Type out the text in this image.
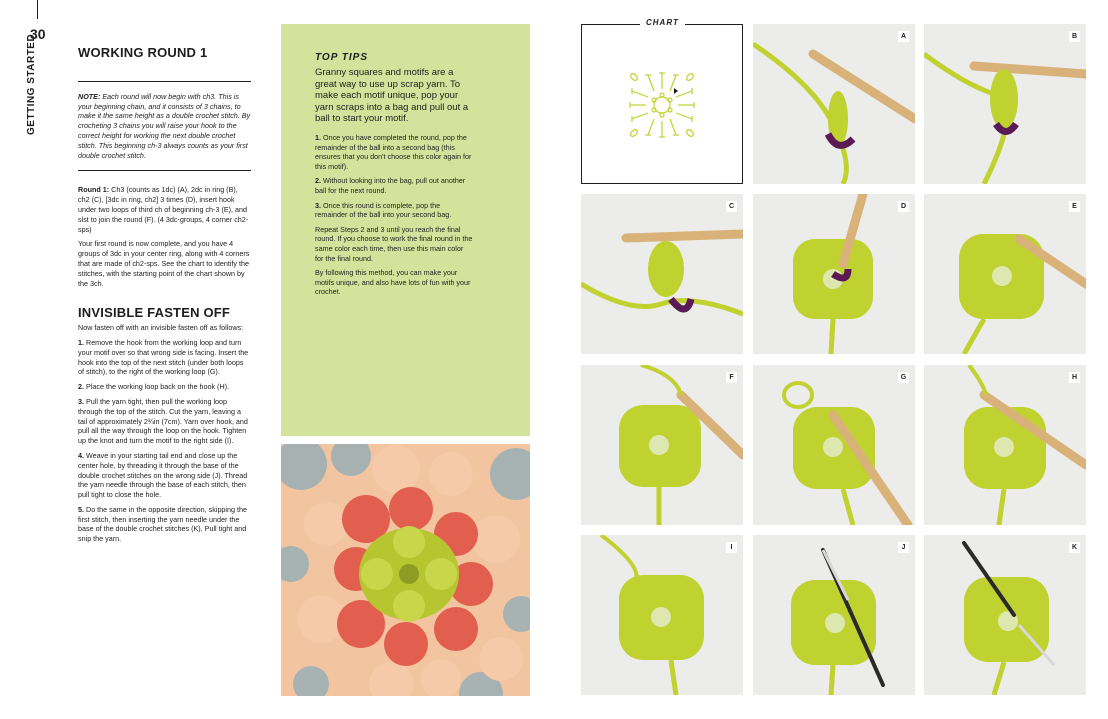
30
GETTING STARTED	WORKING ROUND 1

NOTE: Each round will now begin with ch3. This is your beginning chain, and it consists of 3 chains, to make it the same height as a double crochet stitch. By crocheting 3 chains you will raise your hook to the correct height for working the next double crochet stitch. This beginning ch-3 always counts as your first double crochet stitch.

Round 1: Ch3 (counts as 1dc) (A), 2dc in ring (B), ch2 (C), [3dc in ring, ch2] 3 times (D), insert hook under two loops of third ch of beginning ch-3 (E), and slst to join the round (F). (4 3dc-groups, 4 corner ch2-sps)

Your first round is now complete, and you have 4 groups of 3dc in your center ring, along with 4 corners that are made of ch2-sps. See the chart to identify the stitches, with the starting point of the chart shown by the 3ch.

INVISIBLE FASTEN OFF

Now fasten off with an invisible fasten off as follows:

1. Remove the hook from the working loop and turn your motif over so that wrong side is facing. Insert the hook into the top of the next stitch (under both loops of stitch), to the right of the working loop (G).
2. Place the working loop back on the hook (H).
3. Pull the yarn tight, then pull the working loop through the top of the stitch. Cut the yarn, leaving a tail of approximately 2¾in (7cm). Yarn over hook, and pull all the way through the loop on the hook. Tighten up the knot and turn the motif to the right side (I).
4. Weave in your starting tail end and close up the center hole, by threading it through the base of the double crochet stitches on the wrong side (J). Thread the yarn needle through the base of each stitch, then pull tight to close the hole.
5. Do the same in the opposite direction, skipping the first stitch, then inserting the yarn needle under the base of the double crochet stitches (K). Pull tight and snip the yarn.
TOP TIPS
Granny squares and motifs are a great way to use up scrap yarn. To make each motif unique, pop your yarn scraps into a bag and pull out a ball to start your motif.
1. Once you have completed the round, pop the remainder of the ball into a second bag (this ensures that you don't choose this color again for this motif).
2. Without looking into the bag, pull out another ball for the next round.
3. Once this round is complete, pop the remainder of the ball into your second bag.
Repeat Steps 2 and 3 until you reach the final round. If you choose to work the final round in the same color each time, then use this main color for the final round.
By following this method, you can make your motifs unique, and also have lots of fun with your crochet.
CHART
A	B
C	D	E
F	G	H
I	J	K
